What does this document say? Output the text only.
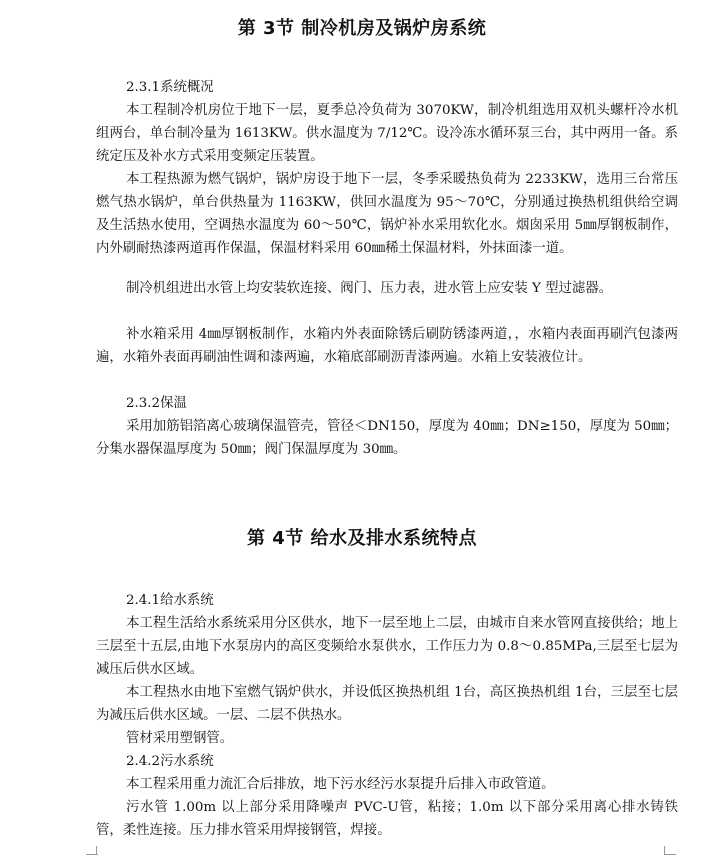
第 3节 制冷机房及锅炉房系统

2.3.1系统概况

本工程制冷机房位于地下一层，夏季总冷负荷为 3070KW，制冷机组选用双机头螺杆冷水机组两台，单台制冷量为 1613KW。供水温度为 7/12℃。设冷冻水循环泵三台，其中两用一备。系统定压及补水方式采用变频定压装置。

本工程热源为燃气锅炉，锅炉房设于地下一层，冬季采暖热负荷为 2233KW，选用三台常压燃气热水锅炉，单台供热量为 1163KW，供回水温度为 95～70℃，分别通过换热机组供给空调及生活热水使用，空调热水温度为 60～50℃，锅炉补水采用软化水。烟囱采用 5㎜厚钢板制作，内外刷耐热漆两道再作保温，保温材料采用 60㎜稀土保温材料，外抹面漆一道。

制冷机组进出水管上均安装软连接、阀门、压力表，进水管上应安装 Y 型过滤器。

补水箱采用 4㎜厚钢板制作，水箱内外表面除锈后刷防锈漆两道，，水箱内表面再刷汽包漆两遍，水箱外表面再刷油性调和漆两遍，水箱底部刷沥青漆两遍。水箱上安装液位计。

2.3.2保温

采用加筋铝箔离心玻璃保温管壳，管径＜DN150，厚度为 40㎜；DN≥150，厚度为 50㎜；分集水器保温厚度为 50㎜；阀门保温厚度为 30㎜。

第 4节 给水及排水系统特点

2.4.1给水系统

本工程生活给水系统采用分区供水，地下一层至地上二层，由城市自来水管网直接供给；地上三层至十五层,由地下水泵房内的高区变频给水泵供水，工作压力为 0.8～0.85MPa,三层至七层为减压后供水区域。

本工程热水由地下室燃气锅炉供水，并设低区换热机组 1台，高区换热机组 1台，三层至七层为减压后供水区域。一层、二层不供热水。

管材采用塑钢管。

2.4.2污水系统

本工程采用重力流汇合后排放，地下污水经污水泵提升后排入市政管道。

污水管 1.00m 以上部分采用降噪声 PVC-U管，粘接；1.0m 以下部分采用离心排水铸铁管，柔性连接。压力排水管采用焊接钢管，焊接。
